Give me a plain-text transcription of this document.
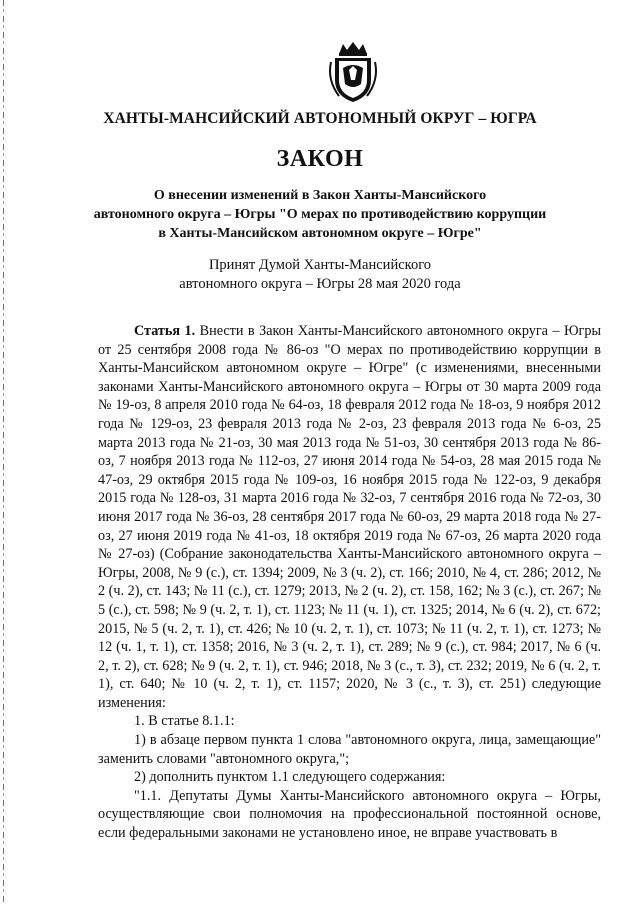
ХАНТЫ-МАНСИЙСКИЙ АВТОНОМНЫЙ ОКРУГ – ЮГРА
ЗАКОН
О внесении изменений в Закон Ханты-Мансийского
автономного округа – Югры "О мерах по противодействию коррупции
в Ханты-Мансийском автономном округе – Югре"
Принят Думой Ханты-Мансийского
автономного округа – Югры 28 мая 2020 года

Статья 1. Внести в Закон Ханты-Мансийского автономного округа – Югры от 25 сентября 2008 года № 86-оз "О мерах по противодействию коррупции в Ханты-Мансийском автономном округе – Югре" (с изменениями, внесенными законами Ханты-Мансийского автономного округа – Югры от 30 марта 2009 года № 19-оз, 8 апреля 2010 года № 64-оз, 18 февраля 2012 года № 18-оз, 9 ноября 2012 года № 129-оз, 23 февраля 2013 года № 2-оз, 23 февраля 2013 года № 6-оз, 25 марта 2013 года № 21-оз, 30 мая 2013 года № 51-оз, 30 сентября 2013 года № 86-оз, 7 ноября 2013 года № 112-оз, 27 июня 2014 года № 54-оз, 28 мая 2015 года № 47-оз, 29 октября 2015 года № 109-оз, 16 ноября 2015 года № 122-оз, 9 декабря 2015 года № 128-оз, 31 марта 2016 года № 32-оз, 7 сентября 2016 года № 72-оз, 30 июня 2017 года № 36-оз, 28 сентября 2017 года № 60-оз, 29 марта 2018 года № 27-оз, 27 июня 2019 года № 41-оз, 18 октября 2019 года № 67-оз, 26 марта 2020 года № 27-оз) (Собрание законодательства Ханты-Мансийского автономного округа – Югры, 2008, № 9 (с.), ст. 1394; 2009, № 3 (ч. 2), ст. 166; 2010, № 4, ст. 286; 2012, № 2 (ч. 2), ст. 143; № 11 (с.), ст. 1279; 2013, № 2 (ч. 2), ст. 158, 162; № 3 (с.), ст. 267; № 5 (с.), ст. 598; № 9 (ч. 2, т. 1), ст. 1123; № 11 (ч. 1), ст. 1325; 2014, № 6 (ч. 2), ст. 672; 2015, № 5 (ч. 2, т. 1), ст. 426; № 10 (ч. 2, т. 1), ст. 1073; № 11 (ч. 2, т. 1), ст. 1273; № 12 (ч. 1, т. 1), ст. 1358; 2016, № 3 (ч. 2, т. 1), ст. 289; № 9 (с.), ст. 984; 2017, № 6 (ч. 2, т. 2), ст. 628; № 9 (ч. 2, т. 1), ст. 946; 2018, № 3 (с., т. 3), ст. 232; 2019, № 6 (ч. 2, т. 1), ст. 640; № 10 (ч. 2, т. 1), ст. 1157; 2020, № 3 (с., т. 3), ст. 251) следующие изменения:

1. В статье 8.1.1:

1) в абзаце первом пункта 1 слова "автономного округа, лица, замещающие" заменить словами "автономного округа,";

2) дополнить пунктом 1.1 следующего содержания:

"1.1. Депутаты Думы Ханты-Мансийского автономного округа – Югры, осуществляющие свои полномочия на профессиональной постоянной основе, если федеральными законами не установлено иное, не вправе участвовать в
